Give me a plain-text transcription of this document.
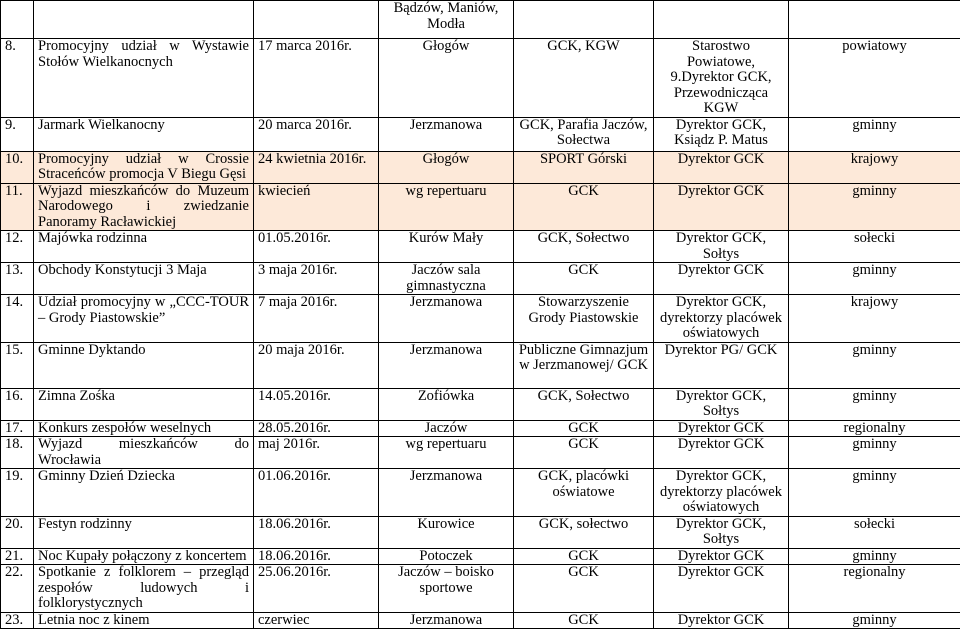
			Bądzów, Maniów, Modła			
8.	Promocyjny udział w Wystawie Stołów Wielkanocnych	17 marca 2016r.	Głogów	GCK, KGW	Starostwo Powiatowe, 9.Dyrektor GCK, Przewodnicząca KGW	powiatowy
9.	Jarmark Wielkanocny	20 marca 2016r.	Jerzmanowa	GCK, Parafia Jaczów, Sołectwa	Dyrektor GCK, Ksiądz P. Matus	gminny
10.	Promocyjny udział w Crossie Straceńców promocja V Biegu Gęsi	24 kwietnia 2016r.	Głogów	SPORT Górski	Dyrektor GCK	krajowy
11.	Wyjazd mieszkańców do Muzeum Narodowego i zwiedzanie Panoramy Racławickiej	kwiecień	wg repertuaru	GCK	Dyrektor GCK	gminny
12.	Majówka rodzinna	01.05.2016r.	Kurów Mały	GCK, Sołectwo	Dyrektor GCK, Sołtys	sołecki
13.	Obchody Konstytucji 3 Maja	3 maja 2016r.	Jaczów sala gimnastyczna	GCK	Dyrektor GCK	gminny
14.	Udział promocyjny w „CCC-TOUR – Grody Piastowskie”	7 maja 2016r.	Jerzmanowa	Stowarzyszenie Grody Piastowskie	Dyrektor GCK, dyrektorzy placówek oświatowych	krajowy
15.	Gminne Dyktando	20 maja 2016r.	Jerzmanowa	Publiczne Gimnazjum w Jerzmanowej/ GCK	Dyrektor PG/ GCK	gminny
16.	Zimna Zośka	14.05.2016r.	Zofiówka	GCK, Sołectwo	Dyrektor GCK, Sołtys	gminny
17.	Konkurs zespołów weselnych	28.05.2016r.	Jaczów	GCK	Dyrektor GCK	regionalny
18.	Wyjazd mieszkańców do Wrocławia	maj 2016r.	wg repertuaru	GCK	Dyrektor GCK	gminny
19.	Gminny Dzień Dziecka	01.06.2016r.	Jerzmanowa	GCK, placówki oświatowe	Dyrektor GCK, dyrektorzy placówek oświatowych	gminny
20.	Festyn rodzinny	18.06.2016r.	Kurowice	GCK, sołectwo	Dyrektor GCK, Sołtys	sołecki
21.	Noc Kupały połączony z koncertem	18.06.2016r.	Potoczek	GCK	Dyrektor GCK	gminny
22.	Spotkanie z folklorem – przegląd zespołów ludowych i folklorystycznych	25.06.2016r.	Jaczów – boisko sportowe	GCK	Dyrektor GCK	regionalny
23.	Letnia noc z kinem	czerwiec	Jerzmanowa	GCK	Dyrektor GCK	gminny
